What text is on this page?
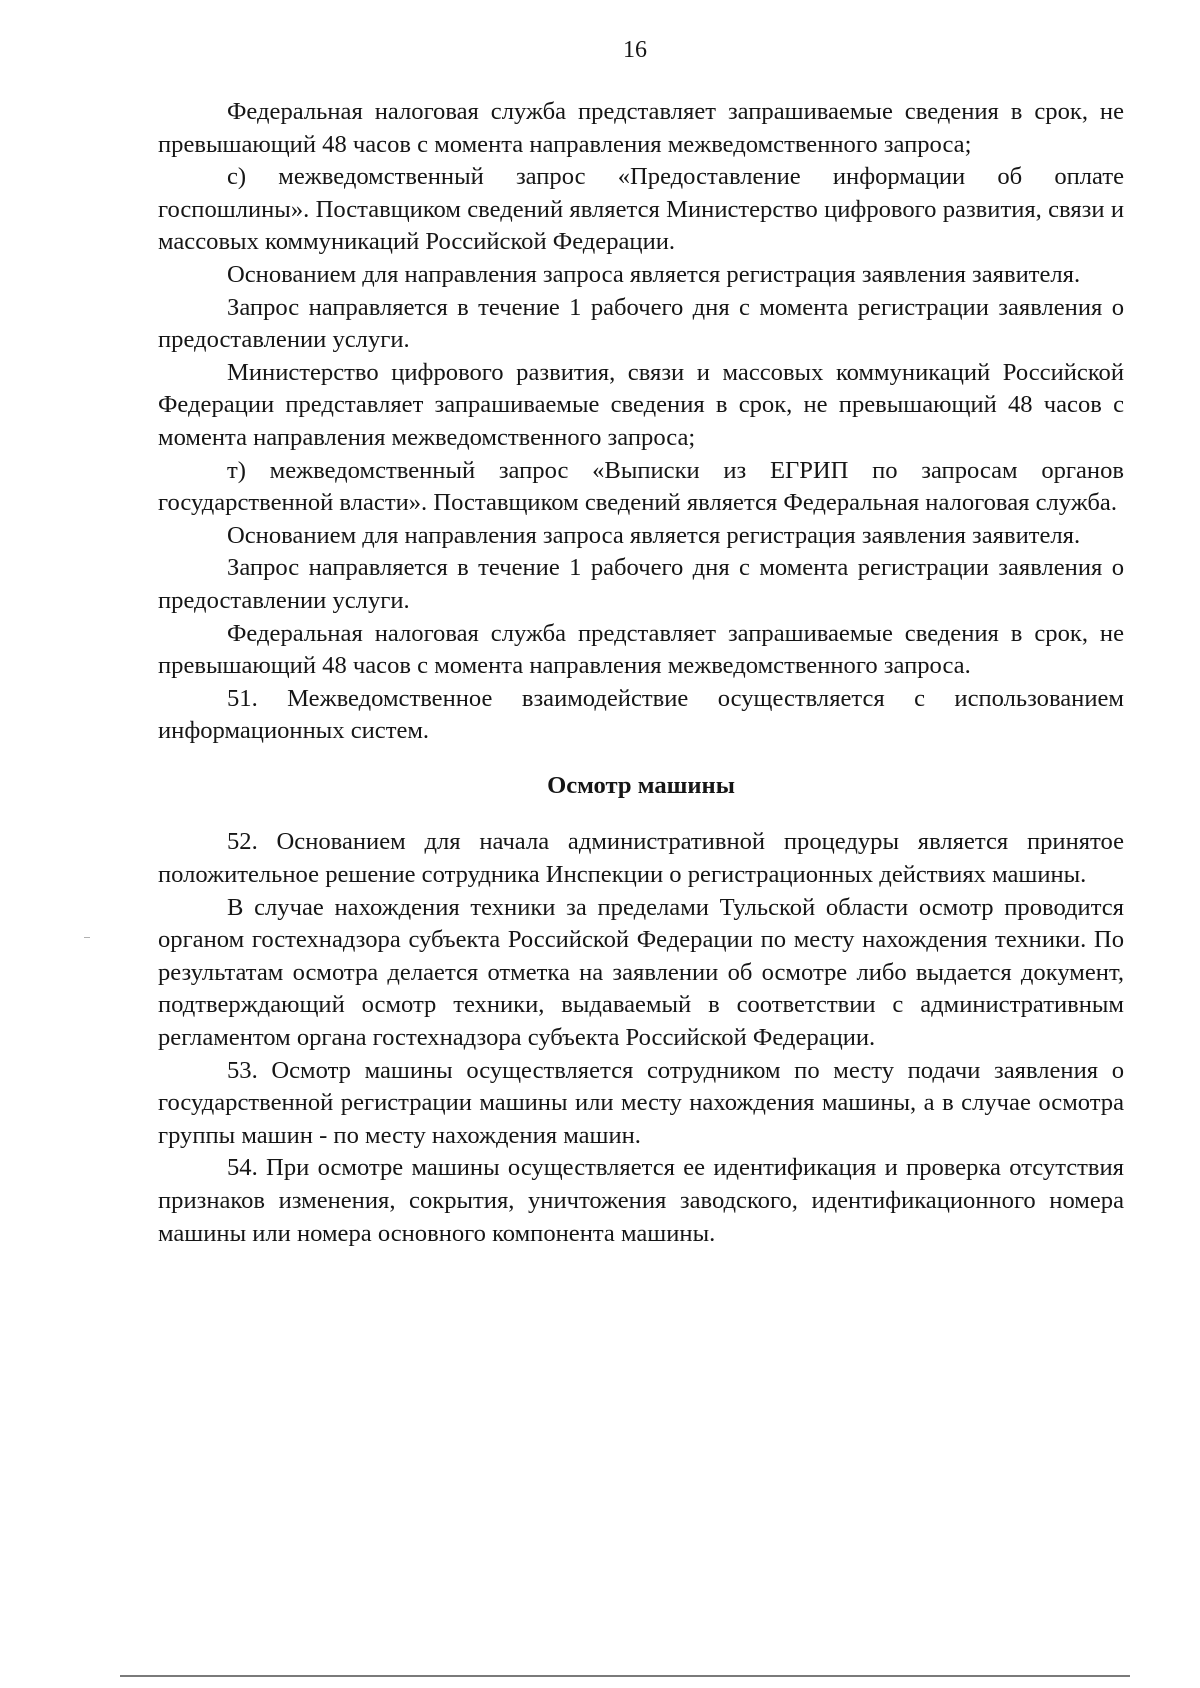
16

Федеральная налоговая служба представляет запрашиваемые сведения в срок, не превышающий 48 часов с момента направления межведомственного запроса;

с) межведомственный запрос «Предоставление информации об оплате госпошлины». Поставщиком сведений является Министерство цифрового развития, связи и массовых коммуникаций Российской Федерации.

Основанием для направления запроса является регистрация заявления заявителя.

Запрос направляется в течение 1 рабочего дня с момента регистрации заявления о предоставлении услуги.

Министерство цифрового развития, связи и массовых коммуникаций Российской Федерации представляет запрашиваемые сведения в срок, не превышающий 48 часов с момента направления межведомственного запроса;

т) межведомственный запрос «Выписки из ЕГРИП по запросам органов государственной власти». Поставщиком сведений является Федеральная налоговая служба.

Основанием для направления запроса является регистрация заявления заявителя.

Запрос направляется в течение 1 рабочего дня с момента регистрации заявления о предоставлении услуги.

Федеральная налоговая служба представляет запрашиваемые сведения в срок, не превышающий 48 часов с момента направления межведомственного запроса.

51. Межведомственное взаимодействие осуществляется с использованием информационных систем.

Осмотр машины

52. Основанием для начала административной процедуры является принятое положительное решение сотрудника Инспекции о регистрационных действиях машины.

В случае нахождения техники за пределами Тульской области осмотр проводится органом гостехнадзора субъекта Российской Федерации по месту нахождения техники. По результатам осмотра делается отметка на заявлении об осмотре либо выдается документ, подтверждающий осмотр техники, выдаваемый в соответствии с административным регламентом органа гостехнадзора субъекта Российской Федерации.

53. Осмотр машины осуществляется сотрудником по месту подачи заявления о государственной регистрации машины или месту нахождения машины, а в случае осмотра группы машин - по месту нахождения машин.

54. При осмотре машины осуществляется ее идентификация и проверка отсутствия признаков изменения, сокрытия, уничтожения заводского, идентификационного номера машины или номера основного компонента машины.
